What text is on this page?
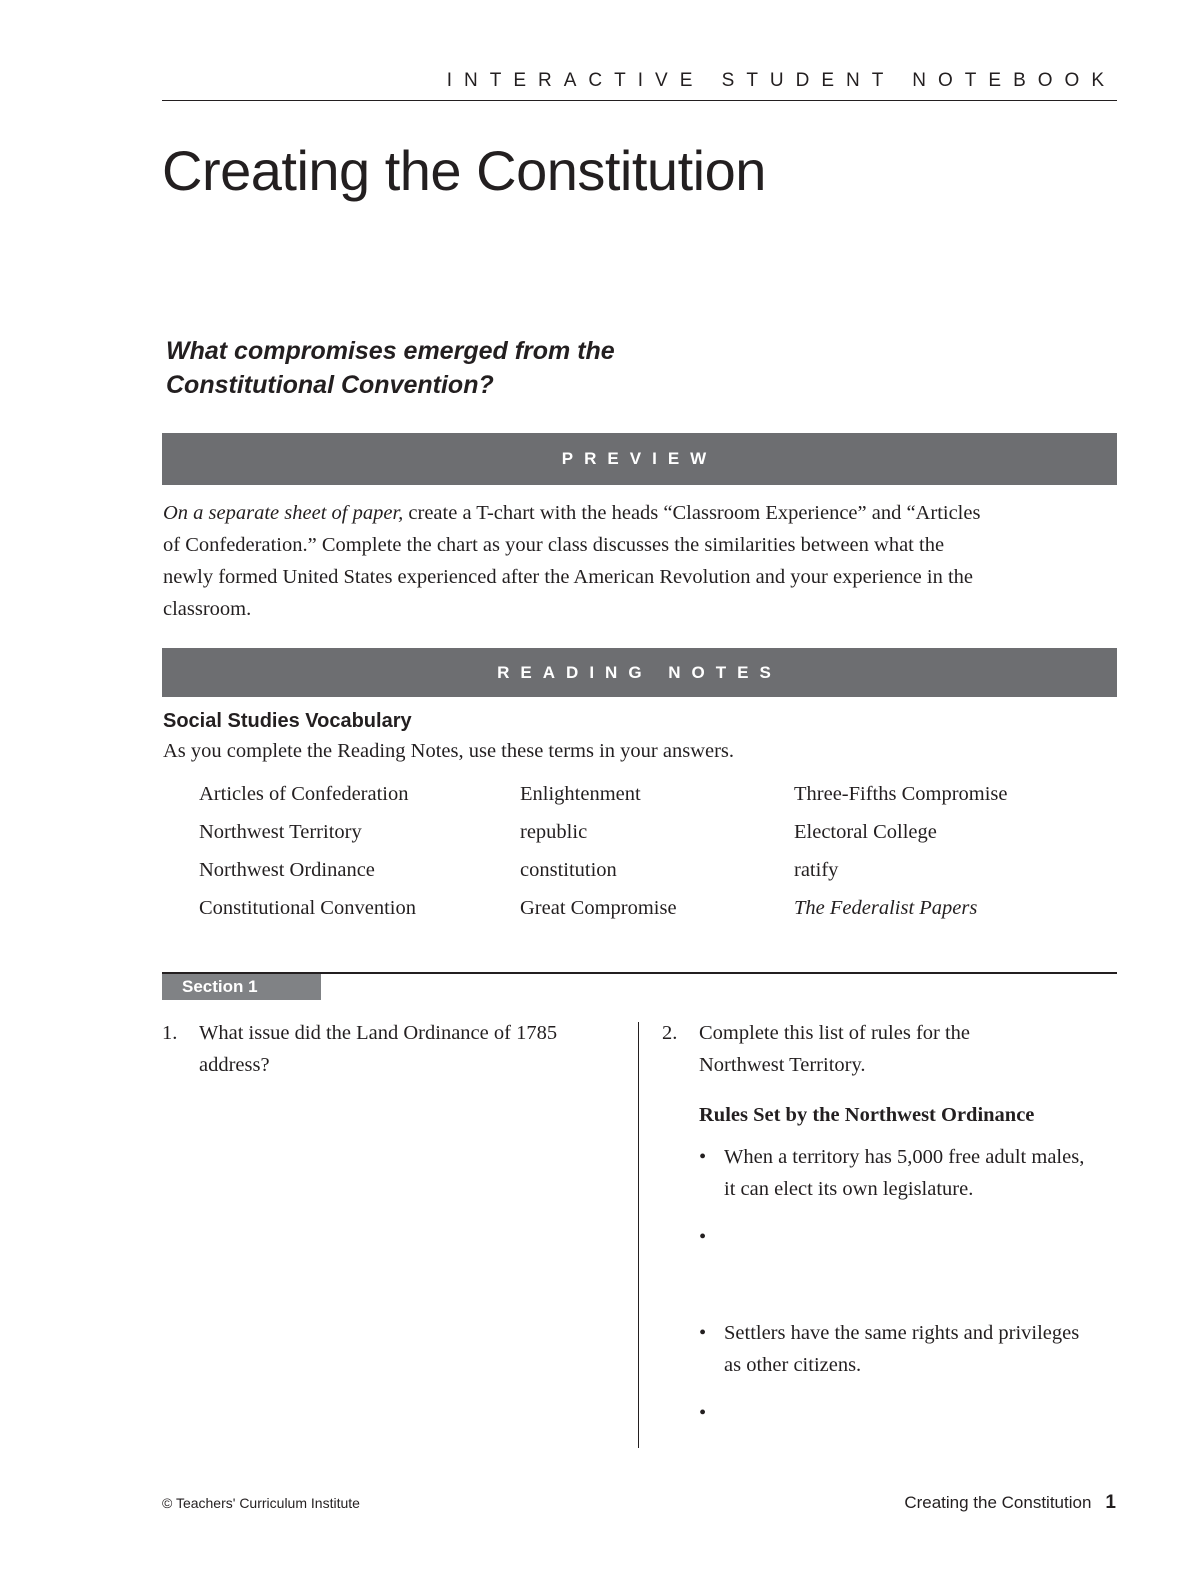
INTERACTIVE STUDENT NOTEBOOK
Creating the Constitution
What compromises emerged from the
Constitutional Convention?
PREVIEW

On a separate sheet of paper, create a T-chart with the heads “Classroom Experience” and “Articles of Confederation.” Complete the chart as your class discusses the similarities between what the newly formed United States experienced after the American Revolution and your experience in the classroom.

READING NOTES
Social Studies Vocabulary
As you complete the Reading Notes, use these terms in your answers.
Articles of Confederation
Northwest Territory
Northwest Ordinance
Constitutional Convention
Enlightenment
republic
constitution
Great Compromise
Three-Fifths Compromise
Electoral College
ratify
The Federalist Papers
Section 1
1. What issue did the Land Ordinance of 1785 address?
2. Complete this list of rules for the Northwest Territory.
Rules Set by the Northwest Ordinance
• When a territory has 5,000 free adult males, it can elect its own legislature.
•
• Settlers have the same rights and privileges as other citizens.
•
© Teachers' Curriculum Institute	Creating the Constitution 1
